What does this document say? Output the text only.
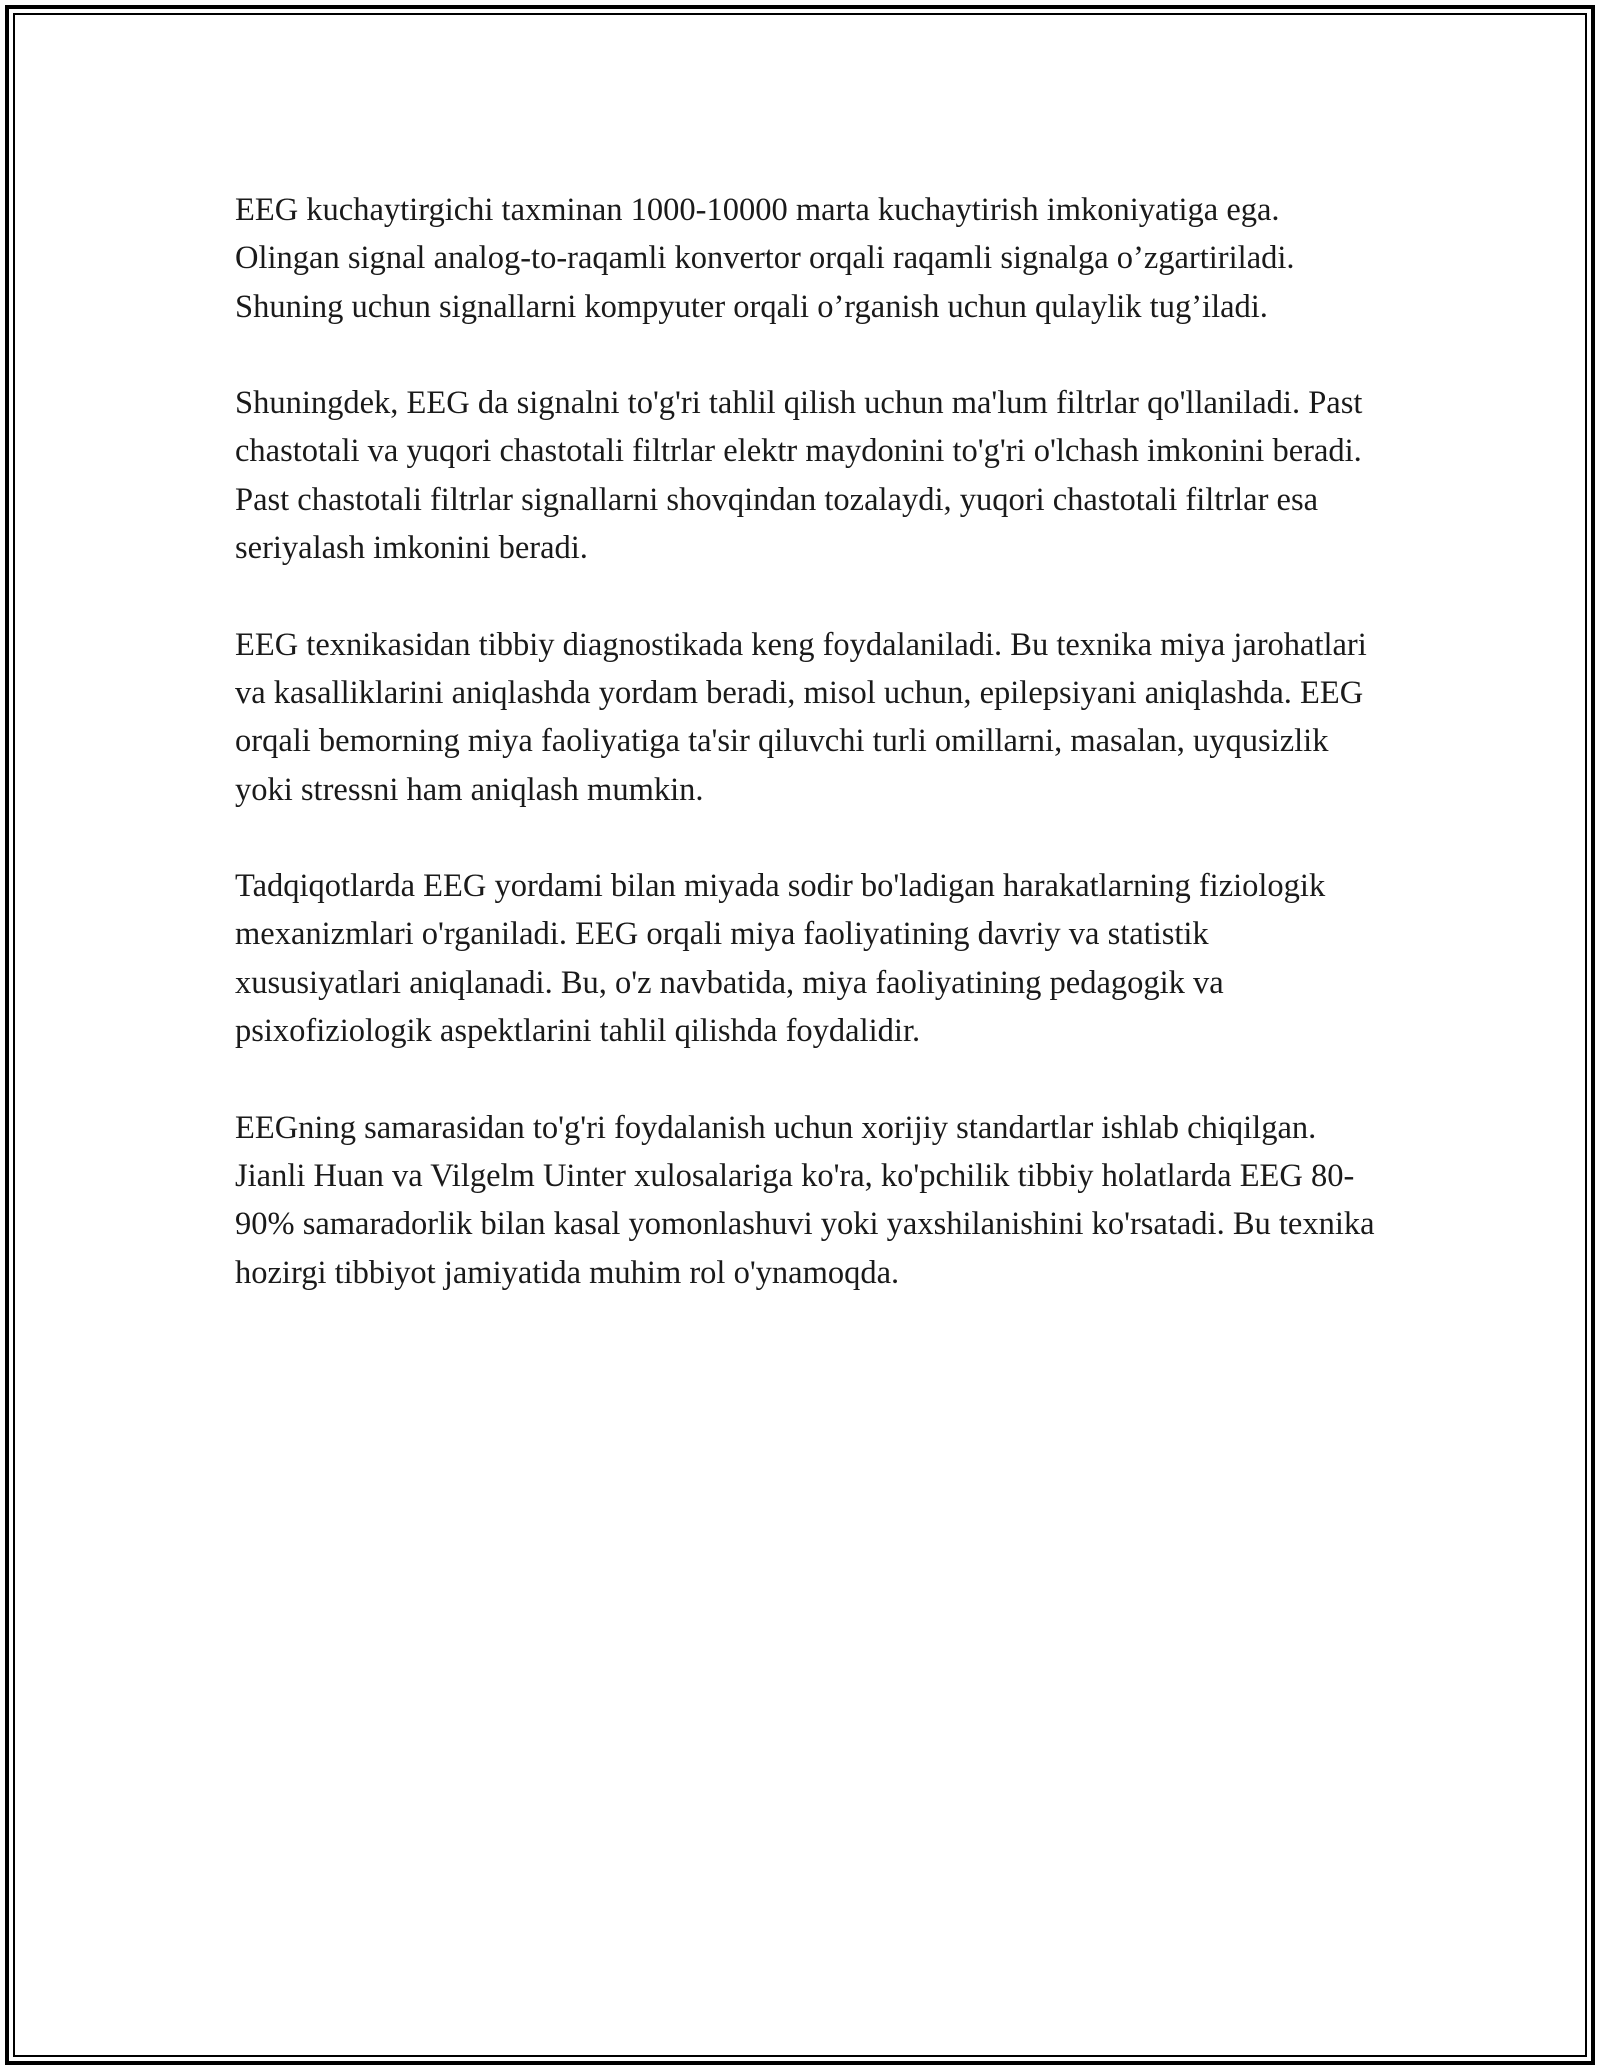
EEG kuchaytirgichi taxminan 1000-10000 marta kuchaytirish imkoniyatiga ega. Olingan signal analog-to-raqamli konvertor orqali raqamli signalga o’zgartiriladi. Shuning uchun signallarni kompyuter orqali o’rganish uchun qulaylik tug’iladi.

Shuningdek, EEG da signalni to'g'ri tahlil qilish uchun ma'lum filtrlar qo'llaniladi. Past chastotali va yuqori chastotali filtrlar elektr maydonini to'g'ri o'lchash imkonini beradi. Past chastotali filtrlar signallarni shovqindan tozalaydi, yuqori chastotali filtrlar esa seriyalash imkonini beradi.

EEG texnikasidan tibbiy diagnostikada keng foydalaniladi. Bu texnika miya jarohatlari va kasalliklarini aniqlashda yordam beradi, misol uchun, epilepsiyani aniqlashda. EEG orqali bemorning miya faoliyatiga ta'sir qiluvchi turli omillarni, masalan, uyqusizlik yoki stressni ham aniqlash mumkin.

Tadqiqotlarda EEG yordami bilan miyada sodir bo'ladigan harakatlarning fiziologik mexanizmlari o'rganiladi. EEG orqali miya faoliyatining davriy va statistik xususiyatlari aniqlanadi. Bu, o'z navbatida, miya faoliyatining pedagogik va psixofiziologik aspektlarini tahlil qilishda foydalidir.

EEGning samarasidan to'g'ri foydalanish uchun xorijiy standartlar ishlab chiqilgan. Jianli Huan va Vilgelm Uinter xulosalariga ko'ra, ko'pchilik tibbiy holatlarda EEG 80-90% samaradorlik bilan kasal yomonlashuvi yoki yaxshilanishini ko'rsatadi. Bu texnika hozirgi tibbiyot jamiyatida muhim rol o'ynamoqda.
